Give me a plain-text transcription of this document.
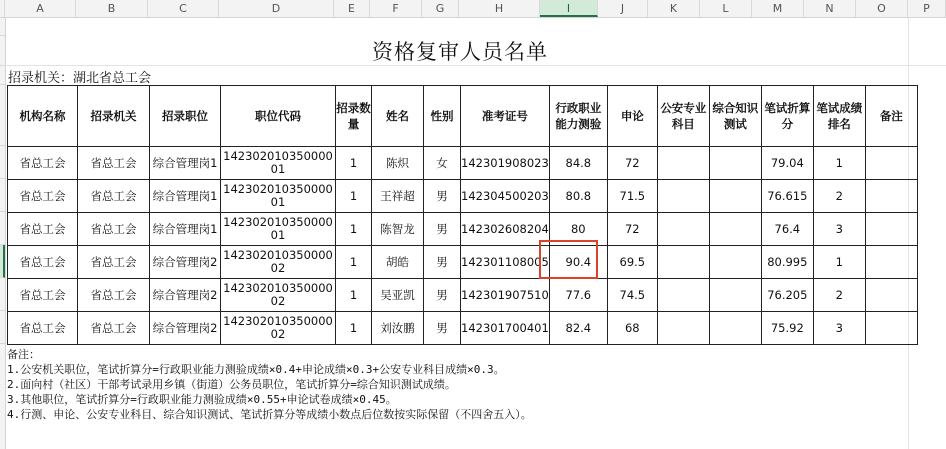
A	B	C	D	E	F	G	H	I	J	K	L	M	N	O	P
资格复审人员名单
招录机关：湖北省总工会
机构名称	招录机关	招录职位	职位代码	招录数量	姓名	性别	准考证号	行政职业能力测验	申论	公安专业科目	综合知识测试	笔试折算分	笔试成绩排名	备注
省总工会	省总工会	综合管理岗1	14230201035000001	1	陈炽	女	142301908023	84.8	72			79.04	1	
省总工会	省总工会	综合管理岗1	14230201035000001	1	王祥超	男	142304500203	80.8	71.5			76.615	2	
省总工会	省总工会	综合管理岗1	14230201035000001	1	陈智龙	男	142302608204	80	72			76.4	3	
省总工会	省总工会	综合管理岗2	14230201035000002	1	胡皓	男	142301108005	90.4	69.5			80.995	1	
省总工会	省总工会	综合管理岗2	14230201035000002	1	吴亚凯	男	142301907510	77.6	74.5			76.205	2	
省总工会	省总工会	综合管理岗2	14230201035000002	1	刘汝鹏	男	142301700401	82.4	68			75.92	3	
备注：
1.公安机关职位，笔试折算分=行政职业能力测验成绩×0.4+申论成绩×0.3+公安专业科目成绩×0.3。
2.面向村（社区）干部考试录用乡镇（街道）公务员职位，笔试折算分=综合知识测试成绩。
3.其他职位，笔试折算分=行政职业能力测验成绩×0.55+申论试卷成绩×0.45。
4.行测、申论、公安专业科目、综合知识测试、笔试折算分等成绩小数点后位数按实际保留（不四舍五入）。
